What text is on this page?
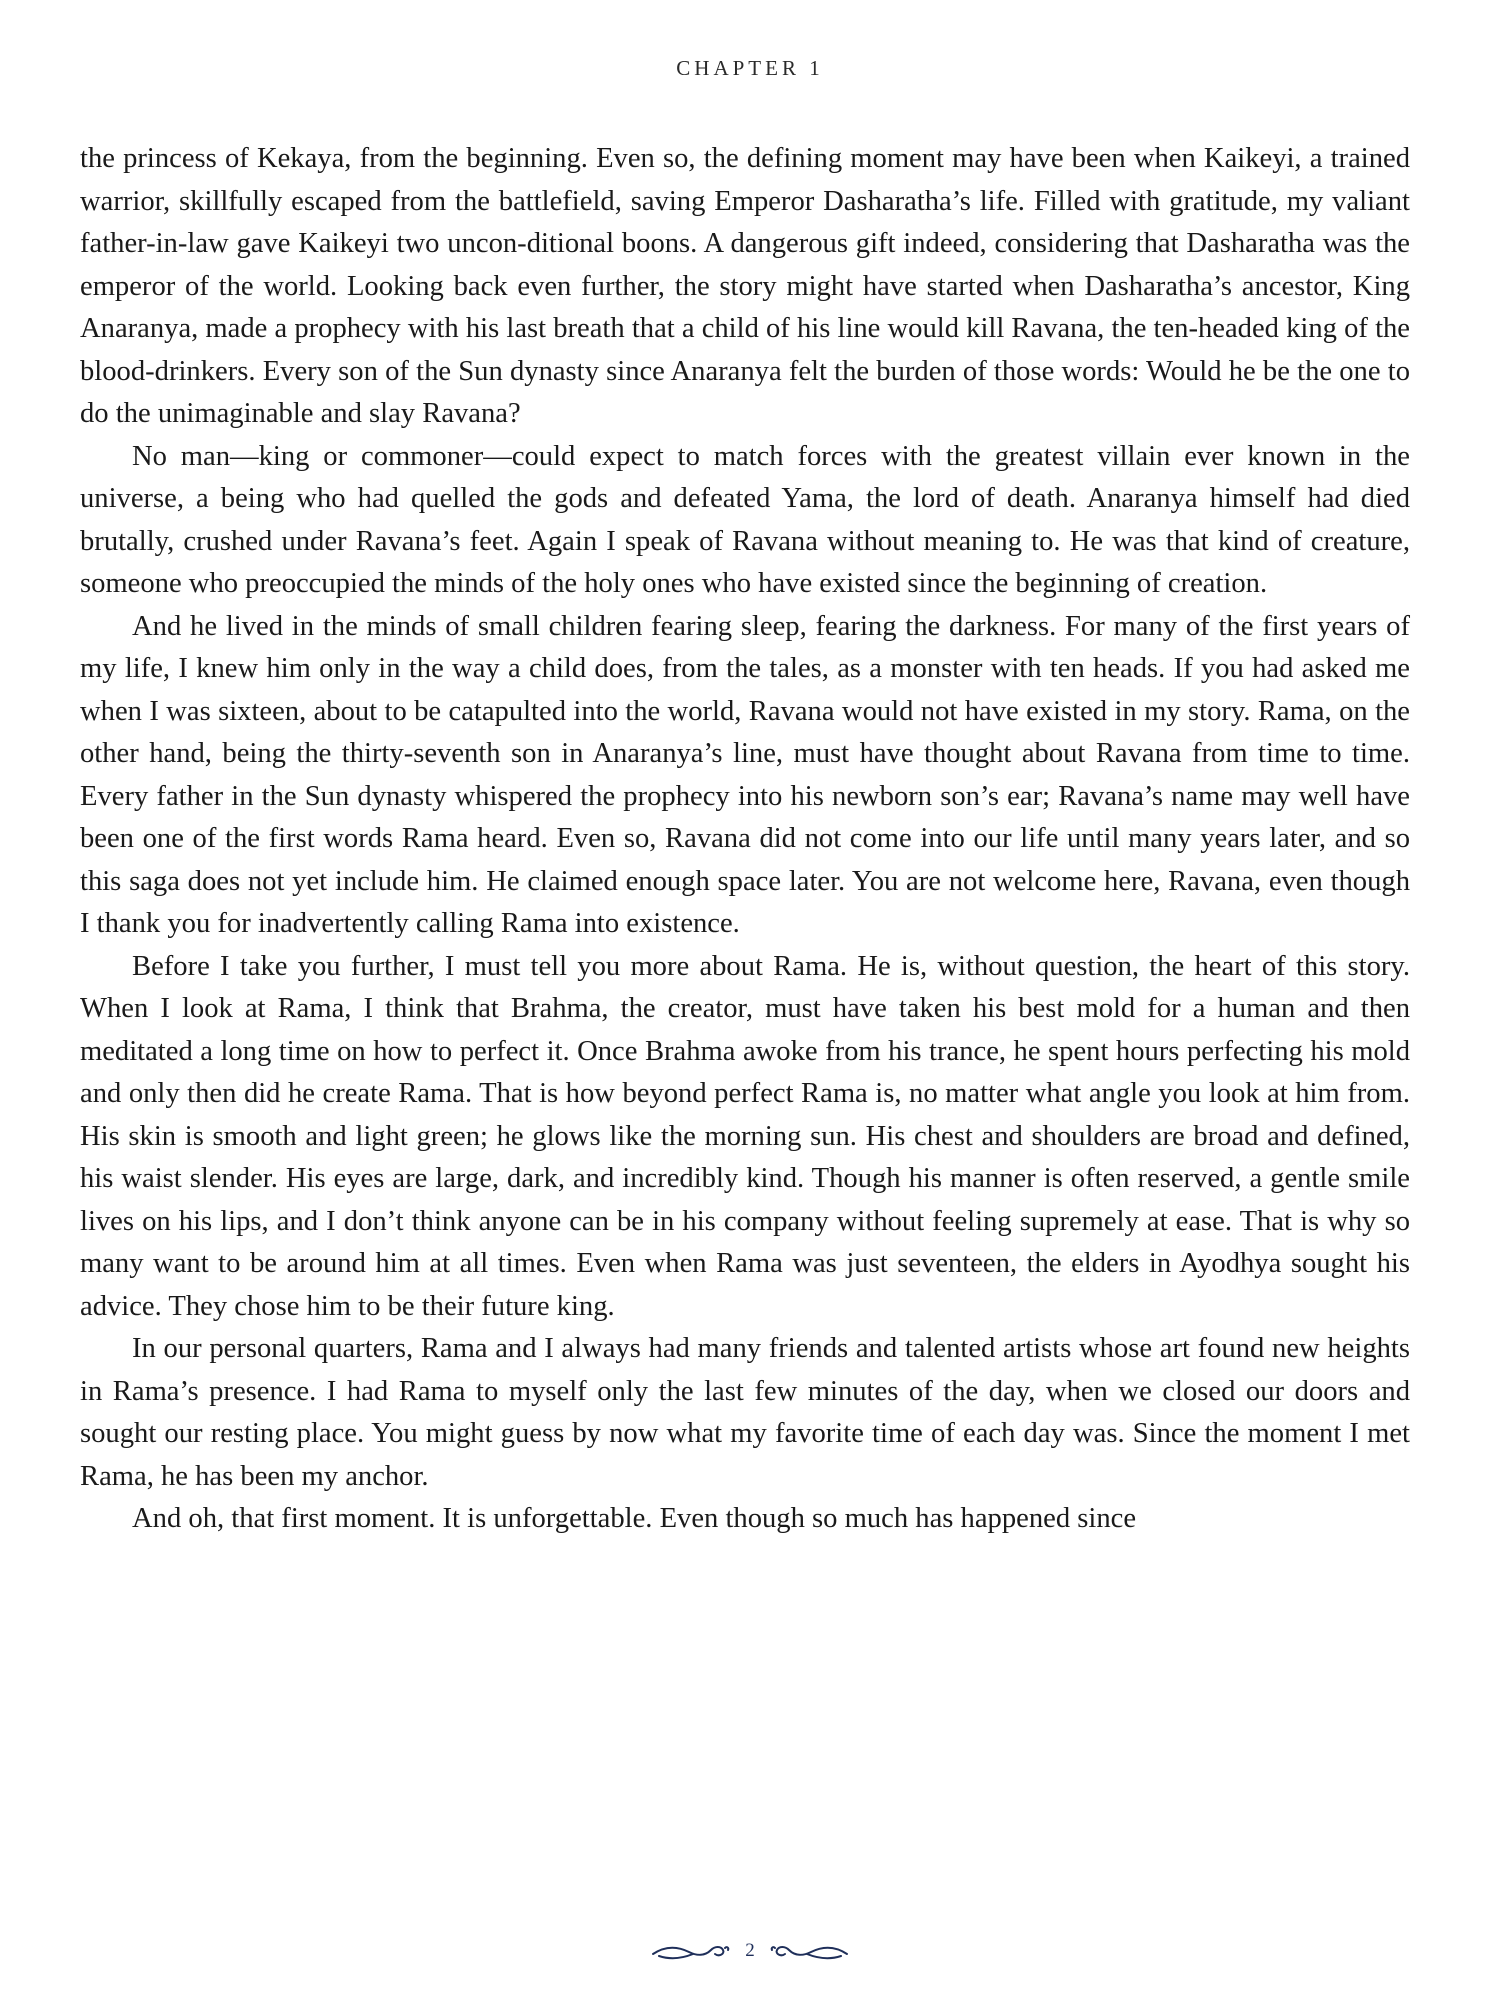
CHAPTER 1

the princess of Kekaya, from the beginning. Even so, the defining moment may have been when Kaikeyi, a trained warrior, skillfully escaped from the battlefield, saving Emperor Dasharatha’s life. Filled with gratitude, my valiant father-in-law gave Kaikeyi two uncon-ditional boons. A dangerous gift indeed, considering that Dasharatha was the emperor of the world. Looking back even further, the story might have started when Dasharatha’s ancestor, King Anaranya, made a prophecy with his last breath that a child of his line would kill Ravana, the ten-headed king of the blood-drinkers. Every son of the Sun dynasty since Anaranya felt the burden of those words: Would he be the one to do the unimaginable and slay Ravana?

No man—king or commoner—could expect to match forces with the greatest villain ever known in the universe, a being who had quelled the gods and defeated Yama, the lord of death. Anaranya himself had died brutally, crushed under Ravana’s feet. Again I speak of Ravana without meaning to. He was that kind of creature, someone who preoccupied the minds of the holy ones who have existed since the beginning of creation.

And he lived in the minds of small children fearing sleep, fearing the darkness. For many of the first years of my life, I knew him only in the way a child does, from the tales, as a monster with ten heads. If you had asked me when I was sixteen, about to be catapulted into the world, Ravana would not have existed in my story. Rama, on the other hand, being the thirty-seventh son in Anaranya’s line, must have thought about Ravana from time to time. Every father in the Sun dynasty whispered the prophecy into his newborn son’s ear; Ravana’s name may well have been one of the first words Rama heard. Even so, Ravana did not come into our life until many years later, and so this saga does not yet include him. He claimed enough space later. You are not welcome here, Ravana, even though I thank you for inadvertently calling Rama into existence.

Before I take you further, I must tell you more about Rama. He is, without question, the heart of this story. When I look at Rama, I think that Brahma, the creator, must have taken his best mold for a human and then meditated a long time on how to perfect it. Once Brahma awoke from his trance, he spent hours perfecting his mold and only then did he create Rama. That is how beyond perfect Rama is, no matter what angle you look at him from. His skin is smooth and light green; he glows like the morning sun. His chest and shoulders are broad and defined, his waist slender. His eyes are large, dark, and incredibly kind. Though his manner is often reserved, a gentle smile lives on his lips, and I don’t think anyone can be in his company without feeling supremely at ease. That is why so many want to be around him at all times. Even when Rama was just seventeen, the elders in Ayodhya sought his advice. They chose him to be their future king.

In our personal quarters, Rama and I always had many friends and talented artists whose art found new heights in Rama’s presence. I had Rama to myself only the last few minutes of the day, when we closed our doors and sought our resting place. You might guess by now what my favorite time of each day was. Since the moment I met Rama, he has been my anchor.

And oh, that first moment. It is unforgettable. Even though so much has happened since

2
